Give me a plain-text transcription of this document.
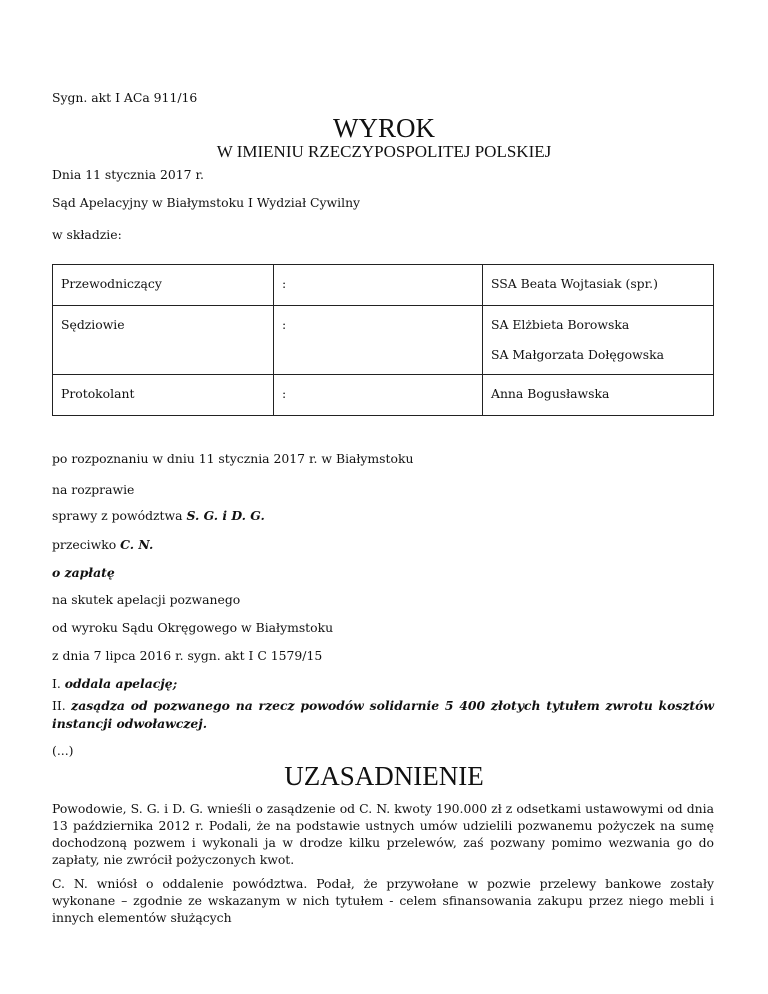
Sygn. akt I ACa 911/16
WYROK
W IMIENIU RZECZYPOSPOLITEJ POLSKIEJ
Dnia 11 stycznia 2017 r.
Sąd Apelacyjny w Białymstoku I Wydział Cywilny
w składzie:
Przewodniczący	:	SSA Beata Wojtasiak (spr.)

Sędziowie	:	SA Elżbieta Borowska
SA Małgorzata Dołęgowska

Protokolant	:	Anna Bogusławska
po rozpoznaniu w dniu 11 stycznia 2017 r. w Białymstoku
na rozprawie
sprawy z powództwa S. G. i D. G.
przeciwko C. N.
o zapłatę
na skutek apelacji pozwanego
od wyroku Sądu Okręgowego w Białymstoku
z dnia 7 lipca 2016 r. sygn. akt I C 1579/15
I. oddala apelację;
II. zasądza od pozwanego na rzecz powodów solidarnie 5 400 złotych tytułem zwrotu kosztów instancji odwoławczej.
(...)
UZASADNIENIE
Powodowie, S. G. i D. G. wnieśli o zasądzenie od C. N. kwoty 190.000 zł z odsetkami ustawowymi od dnia 13 października 2012 r. Podali, że na podstawie ustnych umów udzielili pozwanemu pożyczek na sumę dochodzoną pozwem i wykonali ja w drodze kilku przelewów, zaś pozwany pomimo wezwania go do zapłaty, nie zwrócił pożyczonych kwot.
C. N. wniósł o oddalenie powództwa. Podał, że przywołane w pozwie przelewy bankowe zostały wykonane – zgodnie ze wskazanym w nich tytułem - celem sfinansowania zakupu przez niego mebli i innych elementów służących
